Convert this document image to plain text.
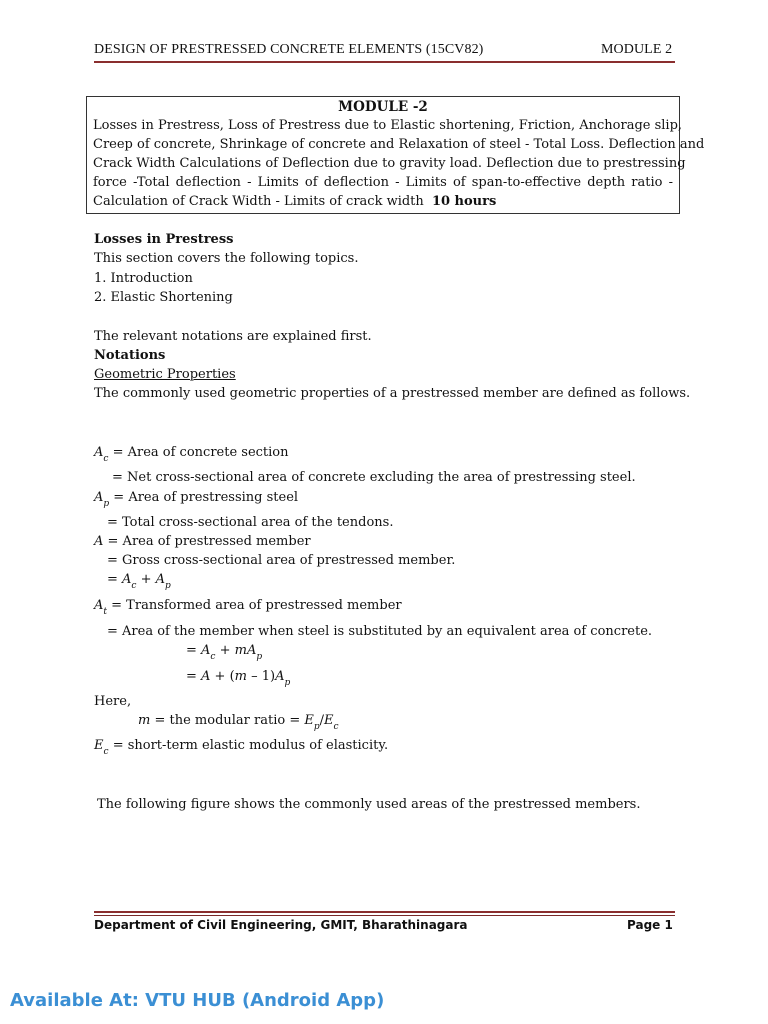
DESIGN OF PRESTRESSED CONCRETE ELEMENTS (15CV82)	MODULE 2
MODULE -2
Losses in Prestress, Loss of Prestress due to Elastic shortening, Friction, Anchorage slip,
Creep of concrete, Shrinkage of concrete and Relaxation of steel - Total Loss. Deflection and
Crack Width Calculations of Deflection due to gravity load. Deflection due to prestressing
force -Total deflection - Limits of deflection - Limits of span-to-effective depth ratio -
Calculation of Crack Width - Limits of crack width 10 hours
Losses in Prestress
This section covers the following topics.
1. Introduction
2. Elastic Shortening
The relevant notations are explained first.
Notations
Geometric Properties
The commonly used geometric properties of a prestressed member are defined as follows.
$A_c$ = Area of concrete section
= Net cross-sectional area of concrete excluding the area of prestressing steel.
$A_p$ = Area of prestressing steel
= Total cross-sectional area of the tendons.
A = Area of prestressed member
= Gross cross-sectional area of prestressed member.
= $A_c + A_p$
$A_t$ = Transformed area of prestressed member
= Area of the member when steel is substituted by an equivalent area of concrete.
= $A_c + mA_p$
= $A + (m - 1)A_p$
Here,
m = the modular ratio = $E_p/E_c$
$E_c$ = short-term elastic modulus of elasticity.
The following figure shows the commonly used areas of the prestressed members.
Department of Civil Engineering, GMIT, Bharathinagara	Page 1
Available At: VTU HUB (Android App)
